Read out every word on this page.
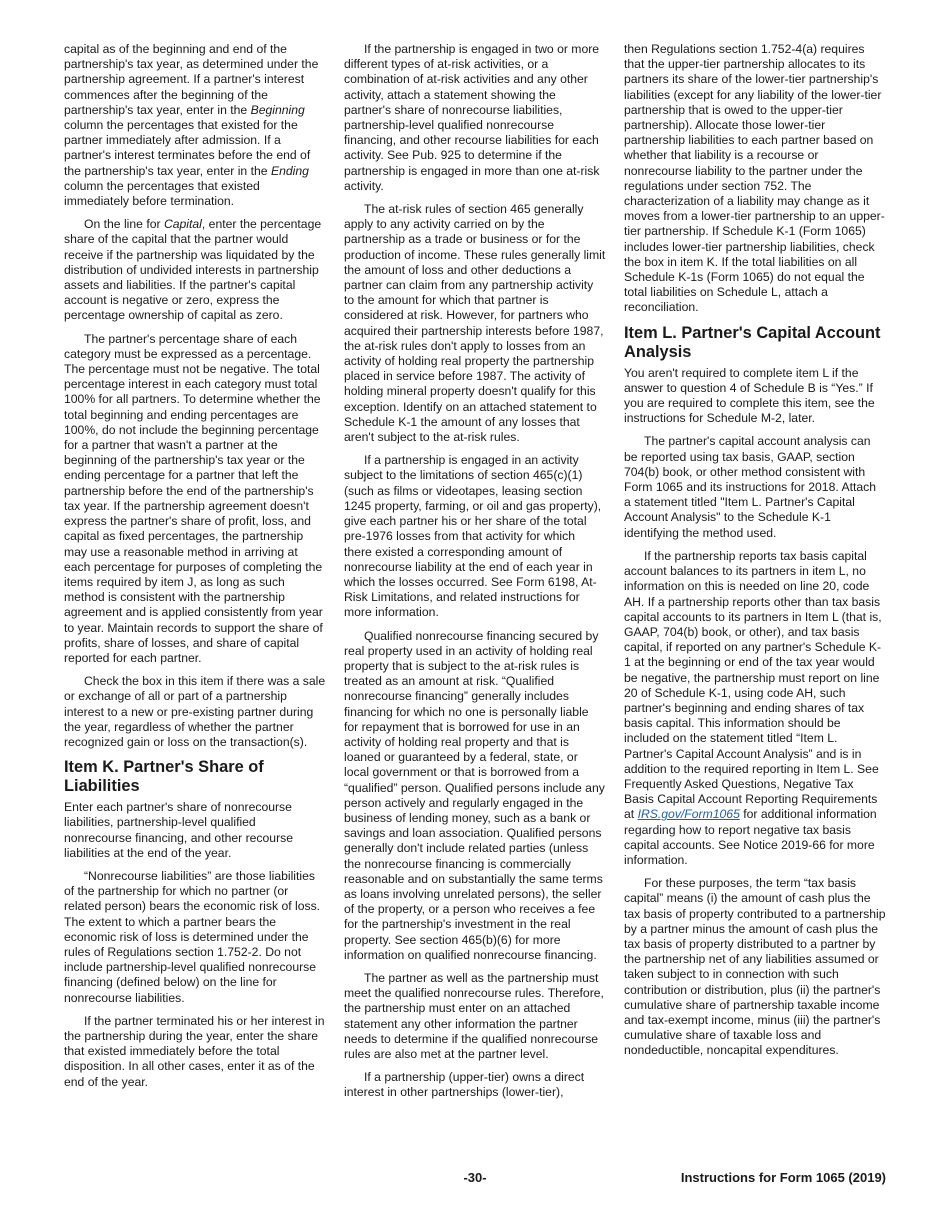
capital as of the beginning and end of the partnership's tax year, as determined under the partnership agreement. If a partner's interest commences after the beginning of the partnership's tax year, enter in the Beginning column the percentages that existed for the partner immediately after admission. If a partner's interest terminates before the end of the partnership's tax year, enter in the Ending column the percentages that existed immediately before termination.

On the line for Capital, enter the percentage share of the capital that the partner would receive if the partnership was liquidated by the distribution of undivided interests in partnership assets and liabilities. If the partner's capital account is negative or zero, express the percentage ownership of capital as zero.

The partner's percentage share of each category must be expressed as a percentage. The percentage must not be negative. The total percentage interest in each category must total 100% for all partners. To determine whether the total beginning and ending percentages are 100%, do not include the beginning percentage for a partner that wasn't a partner at the beginning of the partnership's tax year or the ending percentage for a partner that left the partnership before the end of the partnership's tax year. If the partnership agreement doesn't express the partner's share of profit, loss, and capital as fixed percentages, the partnership may use a reasonable method in arriving at each percentage for purposes of completing the items required by item J, as long as such method is consistent with the partnership agreement and is applied consistently from year to year. Maintain records to support the share of profits, share of losses, and share of capital reported for each partner.

Check the box in this item if there was a sale or exchange of all or part of a partnership interest to a new or pre-existing partner during the year, regardless of whether the partner recognized gain or loss on the transaction(s).

Item K. Partner's Share of Liabilities

Enter each partner's share of nonrecourse liabilities, partnership-level qualified nonrecourse financing, and other recourse liabilities at the end of the year.

“Nonrecourse liabilities” are those liabilities of the partnership for which no partner (or related person) bears the economic risk of loss. The extent to which a partner bears the economic risk of loss is determined under the rules of Regulations section 1.752-2. Do not include partnership-level qualified nonrecourse financing (defined below) on the line for nonrecourse liabilities.

If the partner terminated his or her interest in the partnership during the year, enter the share that existed immediately before the total disposition. In all other cases, enter it as of the end of the year.

If the partnership is engaged in two or more different types of at-risk activities, or a combination of at-risk activities and any other activity, attach a statement showing the partner's share of nonrecourse liabilities, partnership-level qualified nonrecourse financing, and other recourse liabilities for each activity. See Pub. 925 to determine if the partnership is engaged in more than one at-risk activity.

The at-risk rules of section 465 generally apply to any activity carried on by the partnership as a trade or business or for the production of income. These rules generally limit the amount of loss and other deductions a partner can claim from any partnership activity to the amount for which that partner is considered at risk. However, for partners who acquired their partnership interests before 1987, the at-risk rules don't apply to losses from an activity of holding real property the partnership placed in service before 1987. The activity of holding mineral property doesn't qualify for this exception. Identify on an attached statement to Schedule K-1 the amount of any losses that aren't subject to the at-risk rules.

If a partnership is engaged in an activity subject to the limitations of section 465(c)(1) (such as films or videotapes, leasing section 1245 property, farming, or oil and gas property), give each partner his or her share of the total pre-1976 losses from that activity for which there existed a corresponding amount of nonrecourse liability at the end of each year in which the losses occurred. See Form 6198, At-Risk Limitations, and related instructions for more information.

Qualified nonrecourse financing secured by real property used in an activity of holding real property that is subject to the at-risk rules is treated as an amount at risk. “Qualified nonrecourse financing” generally includes financing for which no one is personally liable for repayment that is borrowed for use in an activity of holding real property and that is loaned or guaranteed by a federal, state, or local government or that is borrowed from a “qualified” person. Qualified persons include any person actively and regularly engaged in the business of lending money, such as a bank or savings and loan association. Qualified persons generally don't include related parties (unless the nonrecourse financing is commercially reasonable and on substantially the same terms as loans involving unrelated persons), the seller of the property, or a person who receives a fee for the partnership's investment in the real property. See section 465(b)(6) for more information on qualified nonrecourse financing.

The partner as well as the partnership must meet the qualified nonrecourse rules. Therefore, the partnership must enter on an attached statement any other information the partner needs to determine if the qualified nonrecourse rules are also met at the partner level.

If a partnership (upper-tier) owns a direct interest in other partnerships (lower-tier),

then Regulations section 1.752-4(a) requires that the upper-tier partnership allocates to its partners its share of the lower-tier partnership's liabilities (except for any liability of the lower-tier partnership that is owed to the upper-tier partnership). Allocate those lower-tier partnership liabilities to each partner based on whether that liability is a recourse or nonrecourse liability to the partner under the regulations under section 752. The characterization of a liability may change as it moves from a lower-tier partnership to an upper-tier partnership. If Schedule K-1 (Form 1065) includes lower-tier partnership liabilities, check the box in item K. If the total liabilities on all Schedule K-1s (Form 1065) do not equal the total liabilities on Schedule L, attach a reconciliation.

Item L. Partner's Capital Account Analysis

You aren't required to complete item L if the answer to question 4 of Schedule B is “Yes.” If you are required to complete this item, see the instructions for Schedule M-2, later.

The partner's capital account analysis can be reported using tax basis, GAAP, section 704(b) book, or other method consistent with Form 1065 and its instructions for 2018. Attach a statement titled "Item L. Partner's Capital Account Analysis" to the Schedule K-1 identifying the method used.

If the partnership reports tax basis capital account balances to its partners in item L, no information on this is needed on line 20, code AH. If a partnership reports other than tax basis capital accounts to its partners in Item L (that is, GAAP, 704(b) book, or other), and tax basis capital, if reported on any partner's Schedule K-1 at the beginning or end of the tax year would be negative, the partnership must report on line 20 of Schedule K-1, using code AH, such partner's beginning and ending shares of tax basis capital. This information should be included on the statement titled “Item L. Partner's Capital Account Analysis” and is in addition to the required reporting in Item L. See Frequently Asked Questions, Negative Tax Basis Capital Account Reporting Requirements at IRS.gov/Form1065 for additional information regarding how to report negative tax basis capital accounts. See Notice 2019-66 for more information.

For these purposes, the term “tax basis capital” means (i) the amount of cash plus the tax basis of property contributed to a partnership by a partner minus the amount of cash plus the tax basis of property distributed to a partner by the partnership net of any liabilities assumed or taken subject to in connection with such contribution or distribution, plus (ii) the partner's cumulative share of partnership taxable income and tax-exempt income, minus (iii) the partner's cumulative share of taxable loss and nondeductible, noncapital expenditures.

-30-	Instructions for Form 1065 (2019)
